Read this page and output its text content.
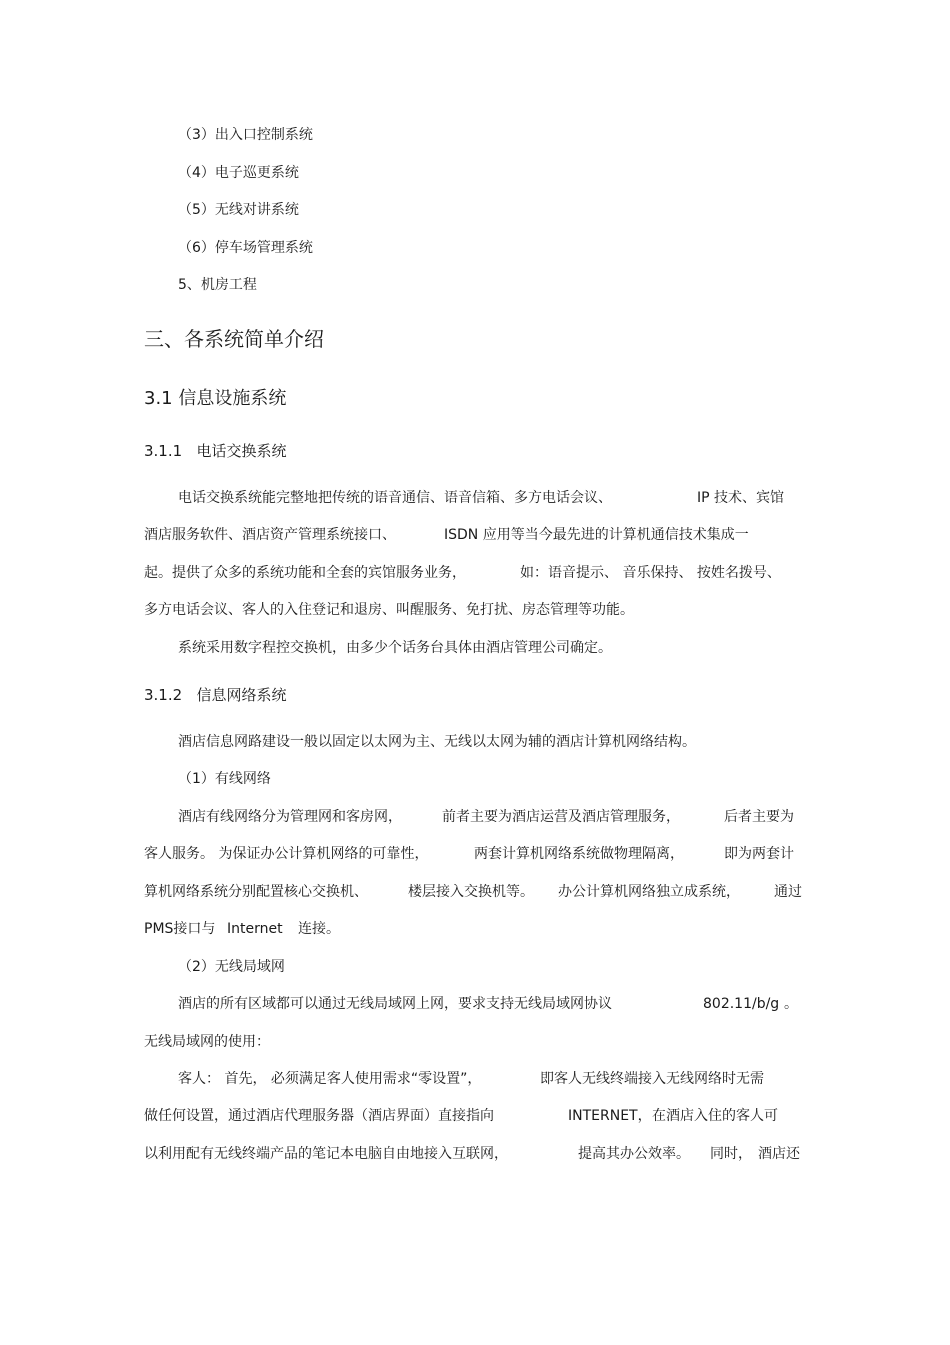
（3）出入口控制系统
（4）电子巡更系统
（5）无线对讲系统
（6）停车场管理系统
5、机房工程
三、各系统简单介绍
3.1 信息设施系统
3.1.1 电话交换系统
电话交换系统能完整地把传统的语音通信、语音信箱、多方电话会议、	IP 技术、宾馆
酒店服务软件、酒店资产管理系统接口、	ISDN 应用等当今最先进的计算机通信技术集成一
起。提供了众多的系统功能和全套的宾馆服务业务，	如：语音提示、 音乐保持、 按姓名拨号、
多方电话会议、客人的入住登记和退房、叫醒服务、免打扰、房态管理等功能。
系统采用数字程控交换机，由多少个话务台具体由酒店管理公司确定。
3.1.2 信息网络系统
酒店信息网路建设一般以固定以太网为主、无线以太网为辅的酒店计算机网络结构。
（1）有线网络
酒店有线网络分为管理网和客房网，	前者主要为酒店运营及酒店管理服务，	后者主要为
客人服务。 为保证办公计算机网络的可靠性，	两套计算机网络系统做物理隔离，	即为两套计
算机网络系统分别配置核心交换机、	楼层接入交换机等。 办公计算机网络独立成系统， 通过
PMS接口与 Internet 连接。
（2）无线局域网
酒店的所有区域都可以通过无线局域网上网，要求支持无线局域网协议	802.11/b/g 。
无线局域网的使用：
客人： 首先， 必须满足客人使用需求“零设置”，	即客人无线终端接入无线网络时无需
做任何设置，通过酒店代理服务器（酒店界面）直接指向	INTERNET， 在酒店入住的客人可
以利用配有无线终端产品的笔记本电脑自由地接入互联网，	提高其办公效率。 同时， 酒店还
